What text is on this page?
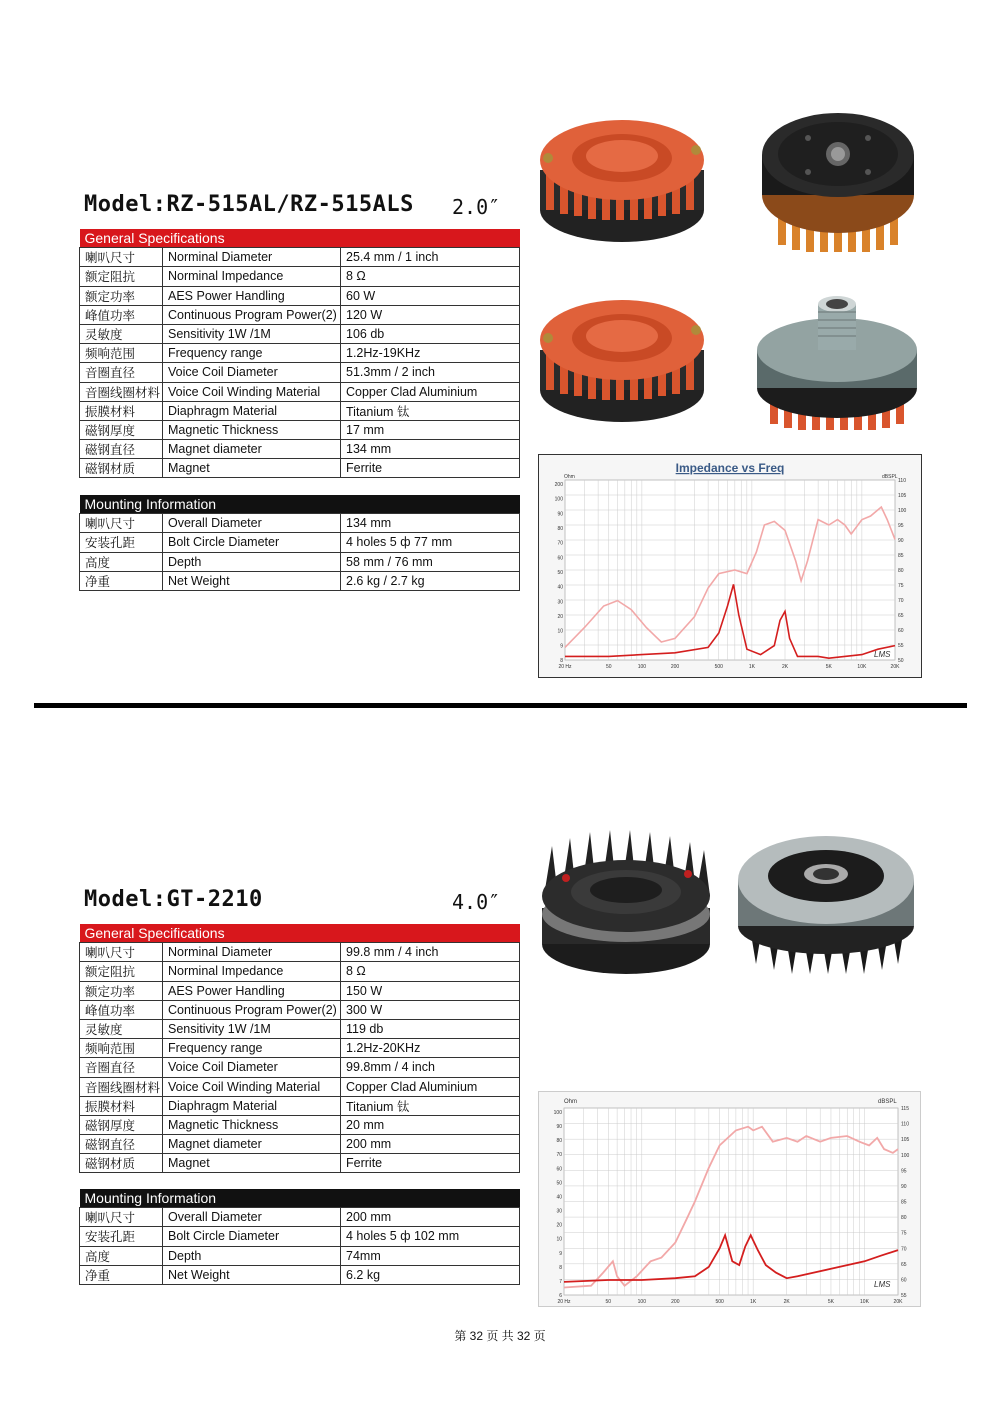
Model:RZ-515AL/RZ-515ALS 2.0″
General Specifications		
喇叭尺寸	Norminal Diameter	25.4 mm / 1 inch
额定阻抗	Norminal Impedance	8 Ω
额定功率	AES Power Handling	60 W
峰值功率	Continuous Program Power(2)	120 W
灵敏度	Sensitivity 1W /1M	106 db
频响范围	Frequency range	1.2Hz-19KHz
音圈直径	Voice Coil Diameter	51.3mm / 2 inch
音圈线圈材料	Voice Coil Winding Material	Copper Clad Aluminium
振膜材料	Diaphragm Material	Titanium 钛
磁钢厚度	Magnetic Thickness	17 mm
磁钢直径	Magnet diameter	134 mm
磁钢材质	Magnet	Ferrite
Mounting Information		
喇叭尺寸	Overall Diameter	134 mm
安装孔距	Bolt Circle Diameter	4 holes 5 ф 77 mm
高度	Depth	58 mm / 76 mm
净重	Net Weight	2.6 kg / 2.7 kg
Impedance vs Freq
Ohm	dBSPL
110
105
100
95
90
85
80
75
70
65
60
55
50
200
100
90
80
70
60
50
40
30
20
10
9
8
20 Hz	50	100	200	500	1K	2K	5K	10K	20K
LMS
Model:GT-2210	4.0″
General Specifications		
喇叭尺寸	Norminal Diameter	99.8 mm / 4 inch
额定阻抗	Norminal Impedance	8 Ω
额定功率	AES Power Handling	150 W
峰值功率	Continuous Program Power(2)	300 W
灵敏度	Sensitivity 1W /1M	119 db
频响范围	Frequency range	1.2Hz-20KHz
音圈直径	Voice Coil Diameter	99.8mm / 4 inch
音圈线圈材料	Voice Coil Winding Material	Copper Clad Aluminium
振膜材料	Diaphragm Material	Titanium 钛
磁钢厚度	Magnetic Thickness	20 mm
磁钢直径	Magnet diameter	200 mm
磁钢材质	Magnet	Ferrite
Mounting Information		
喇叭尺寸	Overall Diameter	200 mm
安装孔距	Bolt Circle Diameter	4 holes 5 ф 102 mm
高度	Depth	74mm
净重	Net Weight	6.2 kg
Ohm	dBSPL
115
110
105
100
95
90
85
80
75
70
65
60
55
100
90
80
70
60
50
40
30
20
10
9
8
7
6
20 Hz	50	100	200	500	1K	2K	5K	10K	20K
LMS
第 32 页 共 32 页
